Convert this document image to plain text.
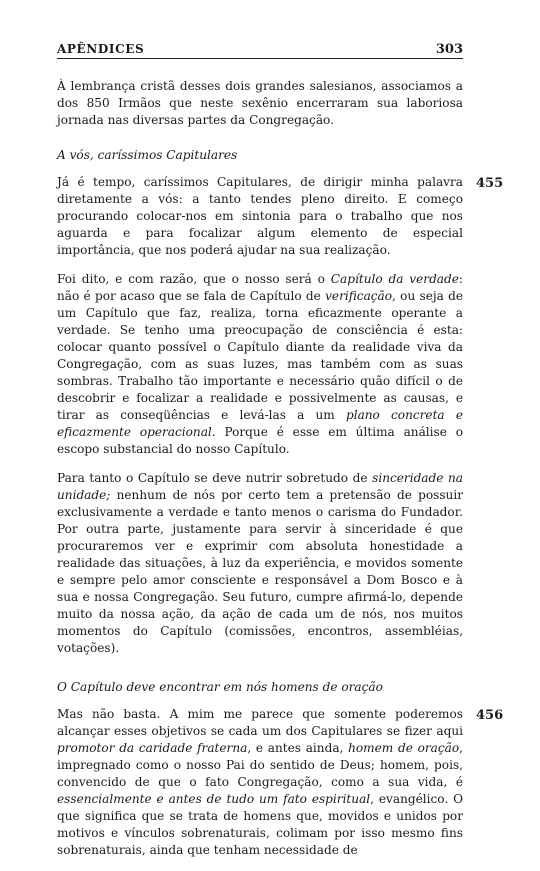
APÊNDICES	303

À lembrança cristã desses dois grandes salesianos, associamos a dos 850 Irmãos que neste sexênio encerraram sua laboriosa jornada nas diversas partes da Congregação.

A vós, caríssimos Capitulares

Já é tempo, caríssimos Capitulares, de dirigir minha palavra diretamente a vós: a tanto tendes pleno direito. E começo procurando colocar-nos em sintonia para o trabalho que nos aguarda e para focalizar algum elemento de especial importância, que nos poderá ajudar na sua realização.
455

Foi dito, e com razão, que o nosso será o Capítulo da verdade: não é por acaso que se fala de Capítulo de verificação, ou seja de um Capítulo que faz, realiza, torna eficazmente operante a verdade. Se tenho uma preocupação de consciência é esta: colocar quanto possível o Capítulo diante da realidade viva da Congregação, com as suas luzes, mas também com as suas sombras. Trabalho tão importante e necessário quão difícil o de descobrir e focalizar a realidade e possivelmente as causas, e tirar as conseqüências e levá-las a um plano concreta e eficazmente operacional. Porque é esse em última análise o escopo substancial do nosso Capítulo.

Para tanto o Capítulo se deve nutrir sobretudo de sinceridade na unidade; nenhum de nós por certo tem a pretensão de possuir exclusivamente a verdade e tanto menos o carisma do Fundador. Por outra parte, justamente para servir à sinceridade é que procuraremos ver e exprimir com absoluta honestidade a realidade das situações, à luz da experiência, e movidos somente e sempre pelo amor consciente e responsável a Dom Bosco e à sua e nossa Congregação. Seu futuro, cumpre afirmá-lo, depende muito da nossa ação, da ação de cada um de nós, nos muitos momentos do Capítulo (comissões, encontros, assembléias, votações).

O Capítulo deve encontrar em nós homens de oração

Mas não basta. A mim me parece que somente poderemos alcançar esses objetivos se cada um dos Capitulares se fizer aqui promotor da caridade fraterna, e antes ainda, homem de oração, impregnado como o nosso Pai do sentido de Deus; homem, pois, convencido de que o fato Congregação, como a sua vida, é essencialmente e antes de tudo um fato espiritual, evangélico. O que significa que se trata de homens que, movidos e unidos por motivos e vínculos sobrenaturais, colimam por isso mesmo fins sobrenaturais, ainda que tenham necessidade de
456
